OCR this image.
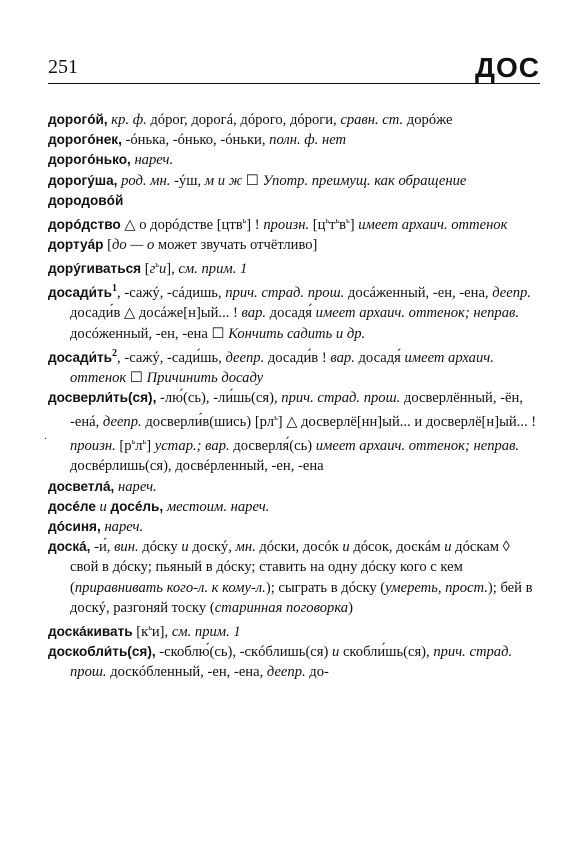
251	ДОС
·

дорогóй, кр. ф. дóрог, дорогá, дóрого, дóроги, сравн. ст. дорóже

дорогóнек, -óнька, -óнько, -óньки, полн. ф. нет

дорогóнько, нареч.

дорогýша, род. мн. -ýш, м и ж ☐ Употр. преимущ. как обращение

дородовóй

дорóдство △ о дорóдстве [цтв$^ь$] ! произн. $[ц^ьт^ьв^ь]$ имеет архаич. оттенок

дортуáр [до — о может звучать отчётливо]

дорýгиваться $[г^ьи]$, см. прим. 1

$досади́ть^1$, -сажý, -сáдишь, прич. страд. прош. досáженный, -ен, -ена, деепр. досади́в △ досáже[н]ый... ! вар. досадя́ имеет архаич. оттенок; неправ. досóженный, -ен, -ена ☐ Кончить садить и др.

$досади́ть^2$, -сажý, -сади́шь, деепр. досади́в ! вар. досадя́ имеет архаич. оттенок ☐ Причинить досаду

досверли́ть(ся), -лю́(сь), -ли́шь(ся), прич. страд. прош. досверлённый, -ён, -енá, деепр. досверли́в(шись) $[рл^ь]$ △ досверлё[нн]ый... и досверлё[н]ый... ! произн. $[р^ьл^ь]$ устар.; вар. досверля́(сь) имеет архаич. оттенок; неправ. досвéрлишь(ся), досвéрленный, -ен, -ена

досветлá, нареч.

досéле и досéль, местоим. нареч.

дóсиня, нареч.

доскá, -и́, вин. дóску и доскý, мн. дóски, досóк и дóсок, доскáм и дóскам ◊ свой в дóску; пьяный в дóску; ставить на одну дóску кого с кем (приравнивать кого-л. к кому-л.); сыграть в дóску (умереть, прост.); бей в доскý, разгоняй тоску (старинная поговорка)

доскáкивать $[к^ьи]$, см. прим. 1

доскобли́ть(ся), -скоблю́(сь), -скóблишь(ся) и скобли́шь(ся), прич. страд. прош. доскóбленный, -ен, -ена, деепр. до-
